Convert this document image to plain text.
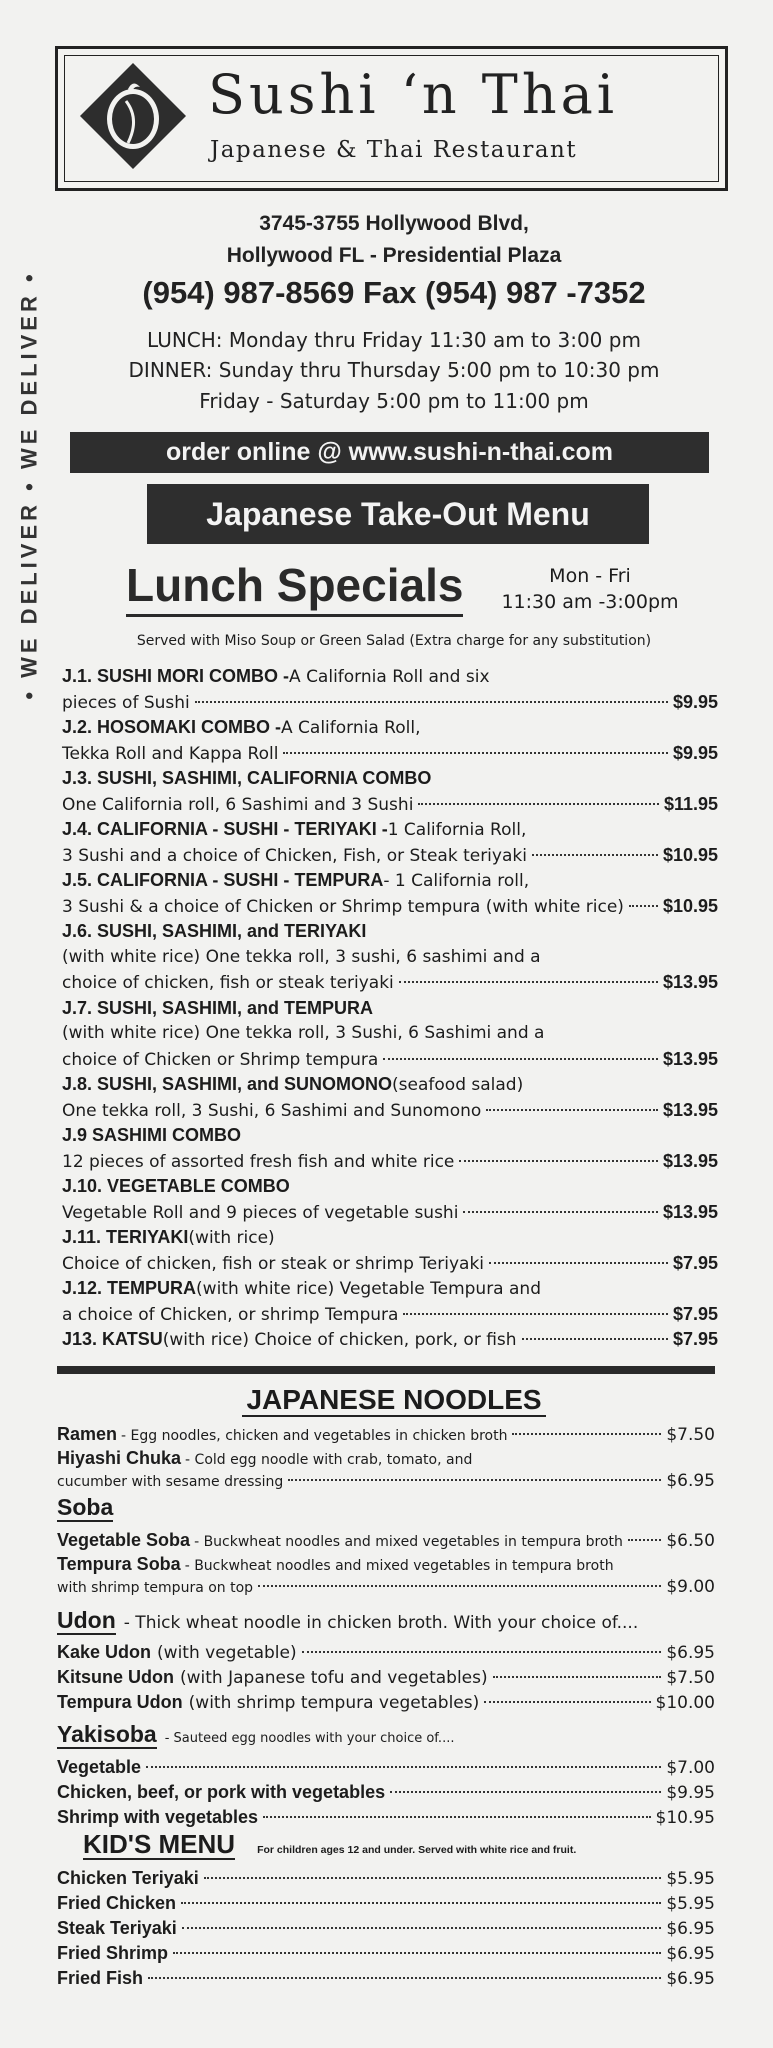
Sushi ‘n Thai
Japanese & Thai Restaurant
• WE DELIVER • WE DELIVER •
3745-3755 Hollywood Blvd,
Hollywood FL - Presidential Plaza
(954) 987-8569 Fax (954) 987 -7352
LUNCH: Monday thru Friday 11:30 am to 3:00 pm
DINNER: Sunday thru Thursday 5:00 pm to 10:30 pm
Friday - Saturday 5:00 pm to 11:00 pm
order online @ www.sushi-n-thai.com
Japanese Take-Out Menu
Lunch Specials	Mon - Fri
11:30 am -3:00pm
Served with Miso Soup or Green Salad (Extra charge for any substitution)
J.1. SUSHI MORI COMBO - A California Roll and six
pieces of Sushi	$9.95
J.2. HOSOMAKI COMBO - A California Roll,
Tekka Roll and Kappa Roll	$9.95
J.3. SUSHI, SASHIMI, CALIFORNIA COMBO
One California roll, 6 Sashimi and 3 Sushi	$11.95
J.4. CALIFORNIA - SUSHI - TERIYAKI - 1 California Roll,
3 Sushi and a choice of Chicken, Fish, or Steak teriyaki	$10.95
J.5. CALIFORNIA - SUSHI - TEMPURA - 1 California roll,
3 Sushi & a choice of Chicken or Shrimp tempura (with white rice) $10.95
J.6. SUSHI, SASHIMI, and TERIYAKI
(with white rice) One tekka roll, 3 sushi, 6 sashimi and a
choice of chicken, fish or steak teriyaki	$13.95
J.7. SUSHI, SASHIMI, and TEMPURA
(with white rice) One tekka roll, 3 Sushi, 6 Sashimi and a
choice of Chicken or Shrimp tempura	$13.95
J.8. SUSHI, SASHIMI, and SUNOMONO (seafood salad)
One tekka roll, 3 Sushi, 6 Sashimi and Sunomono	$13.95
J.9 SASHIMI COMBO
12 pieces of assorted fresh fish and white rice	$13.95
J.10. VEGETABLE COMBO
Vegetable Roll and 9 pieces of vegetable sushi	$13.95
J.11. TERIYAKI (with rice)
Choice of chicken, fish or steak or shrimp Teriyaki	$7.95
J.12. TEMPURA (with white rice) Vegetable Tempura and
a choice of Chicken, or shrimp Tempura	$7.95
J13. KATSU (with rice) Choice of chicken, pork, or fish	$7.95
JAPANESE NOODLES
Ramen - Egg noodles, chicken and vegetables in chicken broth	$7.50
Hiyashi Chuka - Cold egg noodle with crab, tomato, and
cucumber with sesame dressing	$6.95
Soba
Vegetable Soba - Buckwheat noodles and mixed vegetables in tempura broth	$6.50
Tempura Soba - Buckwheat noodles and mixed vegetables in tempura broth
with shrimp tempura on top	$9.00
Udon - Thick wheat noodle in chicken broth. With your choice of....
Kake Udon (with vegetable)	$6.95
Kitsune Udon (with Japanese tofu and vegetables)	$7.50
Tempura Udon (with shrimp tempura vegetables)	$10.00
Yakisoba - Sauteed egg noodles with your choice of....
Vegetable	$7.00
Chicken, beef, or pork with vegetables	$9.95
Shrimp with vegetables	$10.95
KID'S MENU For children ages 12 and under. Served with white rice and fruit.
Chicken Teriyaki	$5.95
Fried Chicken	$5.95
Steak Teriyaki	$6.95
Fried Shrimp	$6.95
Fried Fish	$6.95
